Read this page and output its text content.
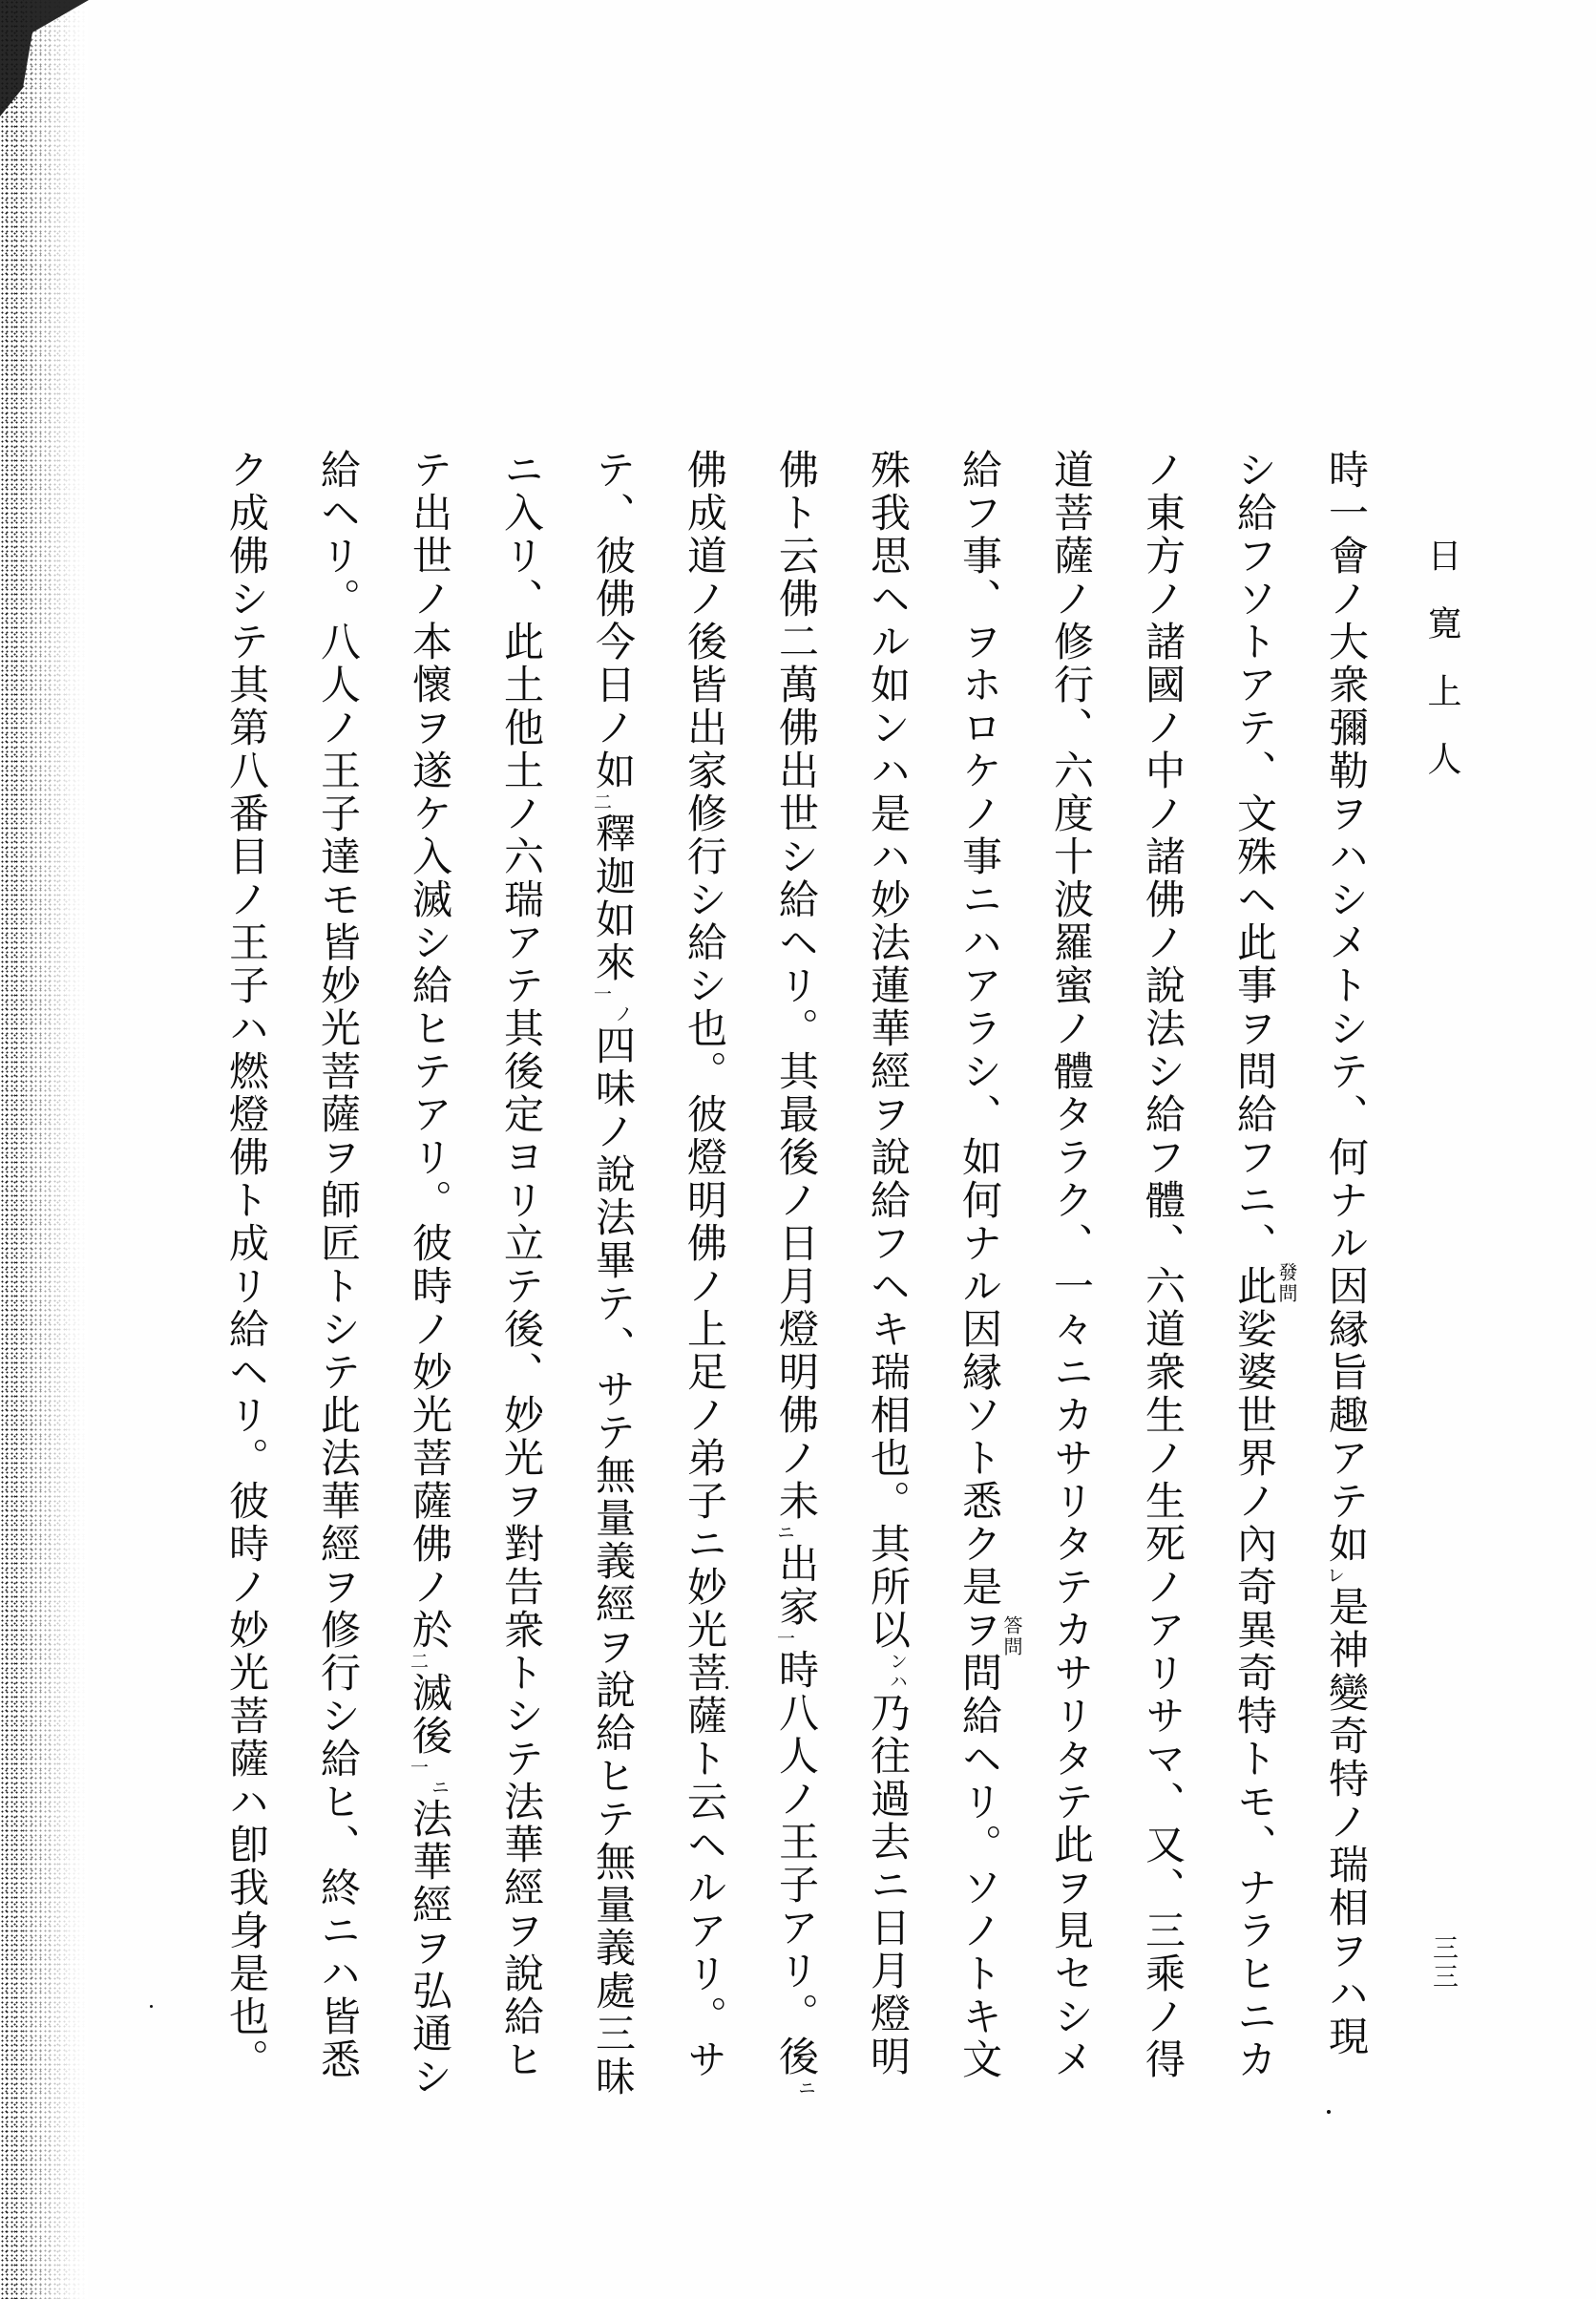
日寛上人
時一會ノ大衆彌勒ヲハシメトシテ、何ナル因縁旨趣アテ如レ是神變奇特ノ瑞相ヲハ現
シ給フソトアテ、文殊ヘ此事ヲ問給フニ、此娑婆世界ノ內奇異奇特トモ、ナラヒニカ
ノ東方ノ諸國ノ中ノ諸佛ノ說法シ給フ體、六道衆生ノ生死ノアリサマ、又、三乘ノ得
道菩薩ノ修行、六度十波羅蜜ノ體タラク、一々ニカサリタテカサリタテ此ヲ見セシメ
給フ事、ヲホロケノ事ニハアラシ、如何ナル因縁ソト悉ク是ヲ問給ヘリ。ソノトキ文
殊我思ヘル如ンハ是ハ妙法蓮華經ヲ說給フヘキ瑞相也。其所以ンハ乃往過去ニ日月燈明
佛ト云佛二萬佛出世シ給ヘリ。其最後ノ日月燈明佛ノ未ニ出家一時八人ノ王子アリ。後ニ
佛成道ノ後皆出家修行シ給シ也。彼燈明佛ノ上足ノ弟子ニ妙光菩薩ト云ヘルアリ。サ
テ、彼佛今日ノ如二釋迦如來一ノ四味ノ說法畢テ、サテ無量義經ヲ說給ヒテ無量義處三昧
ニ入リ、此土他土ノ六瑞アテ其後定ヨリ立テ後、妙光ヲ對告衆トシテ法華經ヲ說給ヒ
テ出世ノ本懷ヲ遂ケ入滅シ給ヒテアリ。彼時ノ妙光菩薩佛ノ於二滅後一ニ法華經ヲ弘通シ
給ヘリ。八人ノ王子達モ皆妙光菩薩ヲ師匠トシテ此法華經ヲ修行シ給ヒ、終ニハ皆悉
ク成佛シテ其第八番目ノ王子ハ燃燈佛ト成リ給ヘリ。彼時ノ妙光菩薩ハ卽我身是也。	發問
答問
三三
